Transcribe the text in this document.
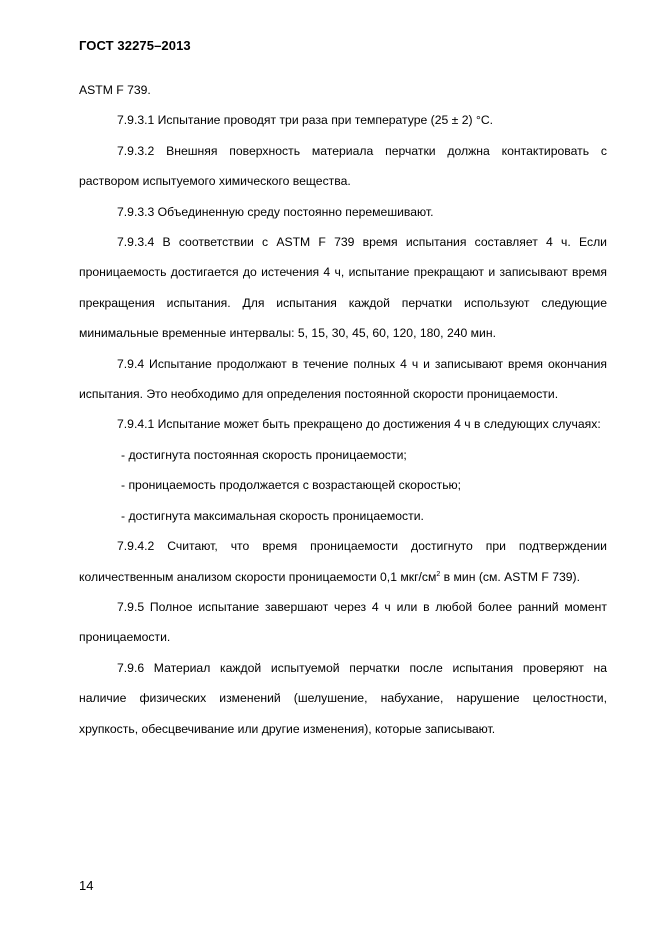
ГОСТ 32275–2013

ASTM F 739.

7.9.3.1 Испытание проводят три раза при температуре (25 ± 2) °С.

7.9.3.2 Внешняя поверхность материала перчатки должна контактировать с раствором испытуемого химического вещества.

7.9.3.3 Объединенную среду постоянно перемешивают.

7.9.3.4 В соответствии с ASTM F 739 время испытания составляет 4 ч. Если проницаемость достигается до истечения 4 ч, испытание прекращают и записывают время прекращения испытания. Для испытания каждой перчатки используют следующие минимальные временные интервалы: 5, 15, 30, 45, 60, 120, 180, 240 мин.

7.9.4 Испытание продолжают в течение полных 4 ч и записывают время окончания испытания. Это необходимо для определения постоянной скорости проницаемости.

7.9.4.1 Испытание может быть прекращено до достижения 4 ч в следующих случаях:

- достигнута постоянная скорость проницаемости;

- проницаемость продолжается с возрастающей скоростью;

- достигнута максимальная скорость проницаемости.

7.9.4.2 Считают, что время проницаемости достигнуто при подтверждении количественным анализом скорости проницаемости 0,1 мкг/$см^2$ в мин (см. ASTM F 739).

7.9.5 Полное испытание завершают через 4 ч или в любой более ранний момент проницаемости.

7.9.6 Материал каждой испытуемой перчатки после испытания проверяют на наличие физических изменений (шелушение, набухание, нарушение целостности, хрупкость, обесцвечивание или другие изменения), которые записывают.

14
